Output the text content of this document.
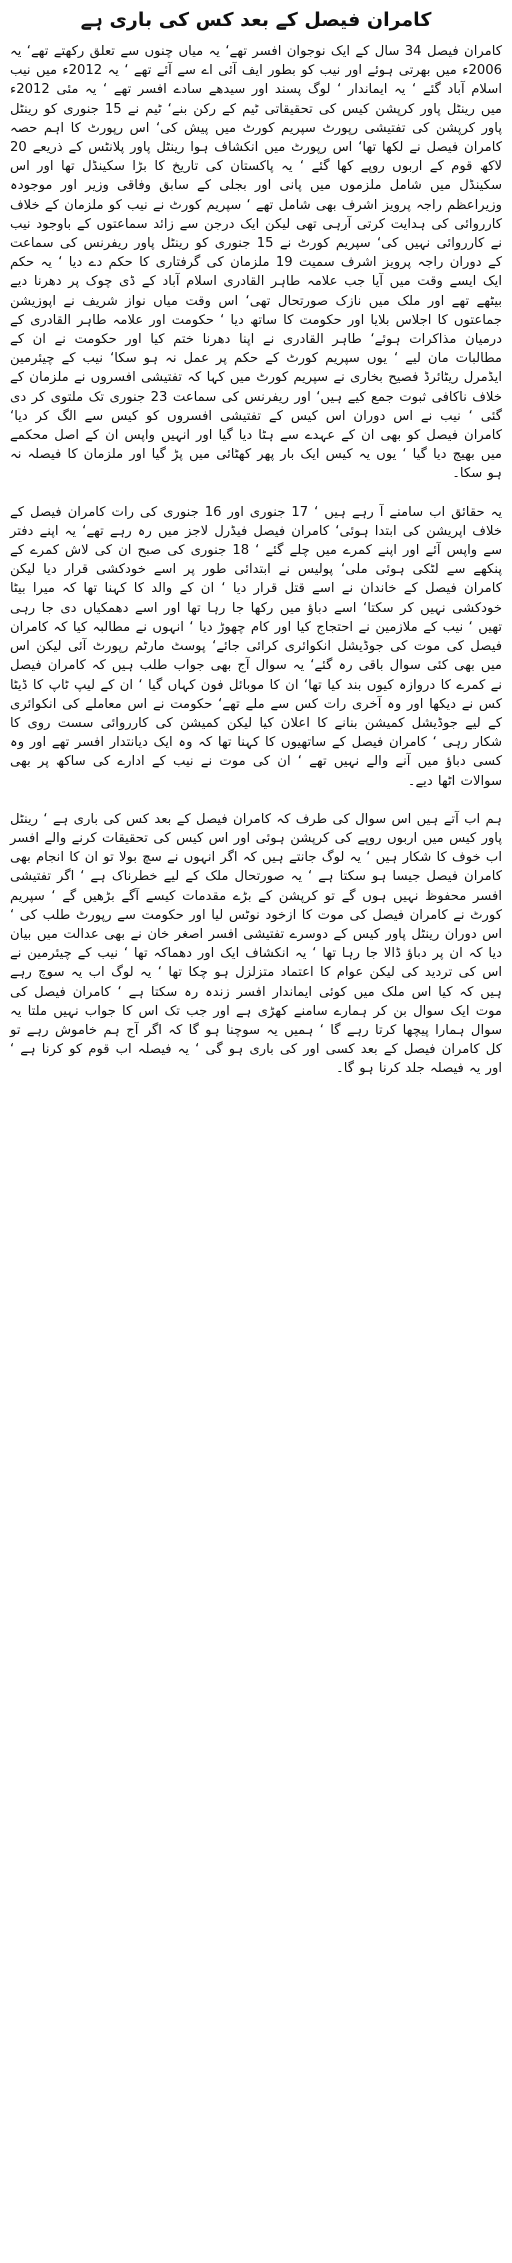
کامران فیصل کے بعد کس کی باری ہے

کامران فیصل 34 سال کے ایک نوجوان افسر تھے‘ یہ میاں چنوں سے تعلق رکھتے تھے‘ یہ 2006ء میں بھرتی ہوئے اور نیب کو بطور ایف آئی اے سے آئے تھے ‘ یہ 2012ء میں نیب اسلام آباد گئے ‘ یہ ایماندار ‘ لوگ پسند اور سیدھے سادے افسر تھے ‘ یہ مئی 2012ء میں رینٹل پاور کرپشن کیس کی تحقیقاتی ٹیم کے رکن بنے‘ ٹیم نے 15 جنوری کو رینٹل پاور کرپشن کی تفتیشی رپورٹ سپریم کورٹ میں پیش کی‘ اس رپورٹ کا اہم حصہ کامران فیصل نے لکھا تھا‘ اس رپورٹ میں انکشاف ہوا رینٹل پاور پلانٹس کے ذریعے 20 لاکھ قوم کے اربوں روپے کھا گئے ‘ یہ پاکستان کی تاریخ کا بڑا سکینڈل تھا اور اس سکینڈل میں شامل ملزموں میں پانی اور بجلی کے سابق وفاقی وزیر اور موجودہ وزیراعظم راجہ پرویز اشرف بھی شامل تھے ‘ سپریم کورٹ نے نیب کو ملزمان کے خلاف کارروائی کی ہدایت کرتی آرہی تھی لیکن ایک درجن سے زائد سماعتوں کے باوجود نیب نے کارروائی نہیں کی‘ سپریم کورٹ نے 15 جنوری کو رینٹل پاور ریفرنس کی سماعت کے دوران راجہ پرویز اشرف سمیت 19 ملزمان کی گرفتاری کا حکم دے دیا ‘ یہ حکم ایک ایسے وقت میں آیا جب علامہ طاہر القادری اسلام آباد کے ڈی چوک پر دھرنا دیے بیٹھے تھے اور ملک میں نازک صورتحال تھی‘ اس وقت میاں نواز شریف نے اپوزیشن جماعتوں کا اجلاس بلایا اور حکومت کا ساتھ دیا ‘ حکومت اور علامہ طاہر القادری کے درمیان مذاکرات ہوئے‘ طاہر القادری نے اپنا دھرنا ختم کیا اور حکومت نے ان کے مطالبات مان لیے ‘ یوں سپریم کورٹ کے حکم پر عمل نہ ہو سکا‘ نیب کے چیئرمین ایڈمرل ریٹائرڈ فصیح بخاری نے سپریم کورٹ میں کہا کہ تفتیشی افسروں نے ملزمان کے خلاف ناکافی ثبوت جمع کیے ہیں‘ اور ریفرنس کی سماعت 23 جنوری تک ملتوی کر دی گئی ‘ نیب نے اس دوران اس کیس کے تفتیشی افسروں کو کیس سے الگ کر دیا‘ کامران فیصل کو بھی ان کے عہدے سے ہٹا دیا گیا اور انہیں واپس ان کے اصل محکمے میں بھیج دیا گیا ‘ یوں یہ کیس ایک بار پھر کھٹائی میں پڑ گیا اور ملزمان کا فیصلہ نہ ہو سکا۔

یہ حقائق اب سامنے آ رہے ہیں ‘ 17 جنوری اور 16 جنوری کی رات کامران فیصل کے خلاف اپریشن کی ابتدا ہوئی‘ کامران فیصل فیڈرل لاجز میں رہ رہے تھے‘ یہ اپنے دفتر سے واپس آئے اور اپنے کمرے میں چلے گئے ‘ 18 جنوری کی صبح ان کی لاش کمرے کے پنکھے سے لٹکی ہوئی ملی‘ پولیس نے ابتدائی طور پر اسے خودکشی قرار دیا لیکن کامران فیصل کے خاندان نے اسے قتل قرار دیا ‘ ان کے والد کا کہنا تھا کہ میرا بیٹا خودکشی نہیں کر سکتا‘ اسے دباؤ میں رکھا جا رہا تھا اور اسے دھمکیاں دی جا رہی تھیں ‘ نیب کے ملازمین نے احتجاج کیا اور کام چھوڑ دیا ‘ انہوں نے مطالبہ کیا کہ کامران فیصل کی موت کی جوڈیشل انکوائری کرائی جائے‘ پوسٹ مارٹم رپورٹ آئی لیکن اس میں بھی کئی سوال باقی رہ گئے‘ یہ سوال آج بھی جواب طلب ہیں کہ کامران فیصل نے کمرے کا دروازہ کیوں بند کیا تھا‘ ان کا موبائل فون کہاں گیا ‘ ان کے لیپ ٹاپ کا ڈیٹا کس نے دیکھا اور وہ آخری رات کس سے ملے تھے‘ حکومت نے اس معاملے کی انکوائری کے لیے جوڈیشل کمیشن بنانے کا اعلان کیا لیکن کمیشن کی کارروائی سست روی کا شکار رہی ‘ کامران فیصل کے ساتھیوں کا کہنا تھا کہ وہ ایک دیانتدار افسر تھے اور وہ کسی دباؤ میں آنے والے نہیں تھے ‘ ان کی موت نے نیب کے ادارے کی ساکھ پر بھی سوالات اٹھا دیے۔

ہم اب آتے ہیں اس سوال کی طرف کہ کامران فیصل کے بعد کس کی باری ہے ‘ رینٹل پاور کیس میں اربوں روپے کی کرپشن ہوئی اور اس کیس کی تحقیقات کرنے والے افسر اب خوف کا شکار ہیں ‘ یہ لوگ جانتے ہیں کہ اگر انہوں نے سچ بولا تو ان کا انجام بھی کامران فیصل جیسا ہو سکتا ہے ‘ یہ صورتحال ملک کے لیے خطرناک ہے ‘ اگر تفتیشی افسر محفوظ نہیں ہوں گے تو کرپشن کے بڑے مقدمات کیسے آگے بڑھیں گے ‘ سپریم کورٹ نے کامران فیصل کی موت کا ازخود نوٹس لیا اور حکومت سے رپورٹ طلب کی ‘ اس دوران رینٹل پاور کیس کے دوسرے تفتیشی افسر اصغر خان نے بھی عدالت میں بیان دیا کہ ان پر دباؤ ڈالا جا رہا تھا ‘ یہ انکشاف ایک اور دھماکہ تھا ‘ نیب کے چیئرمین نے اس کی تردید کی لیکن عوام کا اعتماد متزلزل ہو چکا تھا ‘ یہ لوگ اب یہ سوچ رہے ہیں کہ کیا اس ملک میں کوئی ایماندار افسر زندہ رہ سکتا ہے ‘ کامران فیصل کی موت ایک سوال بن کر ہمارے سامنے کھڑی ہے اور جب تک اس کا جواب نہیں ملتا یہ سوال ہمارا پیچھا کرتا رہے گا ‘ ہمیں یہ سوچنا ہو گا کہ اگر آج ہم خاموش رہے تو کل کامران فیصل کے بعد کسی اور کی باری ہو گی ‘ یہ فیصلہ اب قوم کو کرنا ہے ‘ اور یہ فیصلہ جلد کرنا ہو گا۔
